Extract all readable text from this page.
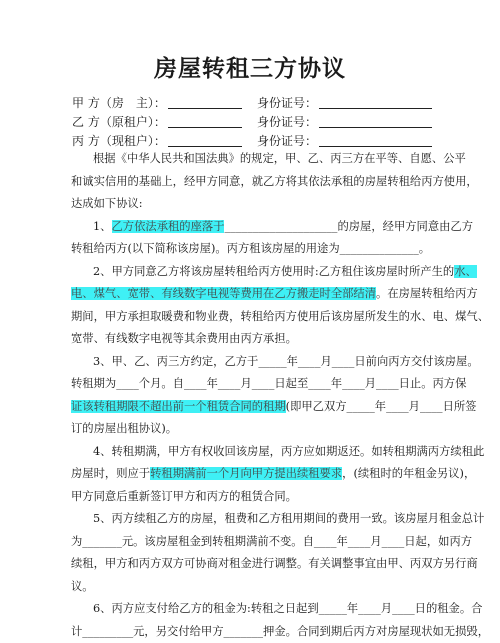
房屋转租三方协议
甲 方（房　主）：	身份证号：
乙 方（原租户）：	身份证号：
丙 方（现租户）：	身份证号：
根据《中华人民共和国法典》的规定，甲、乙、丙三方在平等、自愿、公平
和诚实信用的基础上，经甲方同意，就乙方将其依法承租的房屋转租给丙方使用，
达成如下协议:
1、乙方依法承租的座落于____________________的房屋，经甲方同意由乙方
转租给丙方(以下简称该房屋)。丙方租该房屋的用途为______________。
2、甲方同意乙方将该房屋转租给丙方使用时:乙方租住该房屋时所产生的水、
电、煤气、宽带、有线数字电视等费用在乙方搬走时全部结清。在房屋转租给丙方
期间，甲方承担取暖费和物业费，转租给丙方使用后该房屋所发生的水、电、煤气、
宽带、有线数字电视等其余费用由丙方承担。
3、甲、乙、丙三方约定，乙方于_____年____月____日前向丙方交付该房屋。
转租期为____个月。自____年____月____日起至____年____月____日止。丙方保
证该转租期限不超出前一个租赁合同的租期(即甲乙双方_____年____月____日所签
订的房屋出租协议)。
4、转租期满，甲方有权收回该房屋，丙方应如期返还。如转租期满丙方续租此
房屋时，则应于转租期满前一个月向甲方提出续租要求，(续租时的年租金另议)，
甲方同意后重新签订甲方和丙方的租赁合同。
5、丙方续租乙方的房屋，租费和乙方租用期间的费用一致。该房屋月租金总计
为_______元。该房屋租金到转租期满前不变。自____年____月____日起，如丙方
续租，甲方和丙方双方可协商对租金进行调整。有关调整事宜由甲、丙双方另行商
议。
6、丙方应支付给乙方的租金为:转租之日起到_____年____月____日的租金。合
计_________元，另交付给甲方_______押金。合同到期后丙方对房屋现状如无损毁，
